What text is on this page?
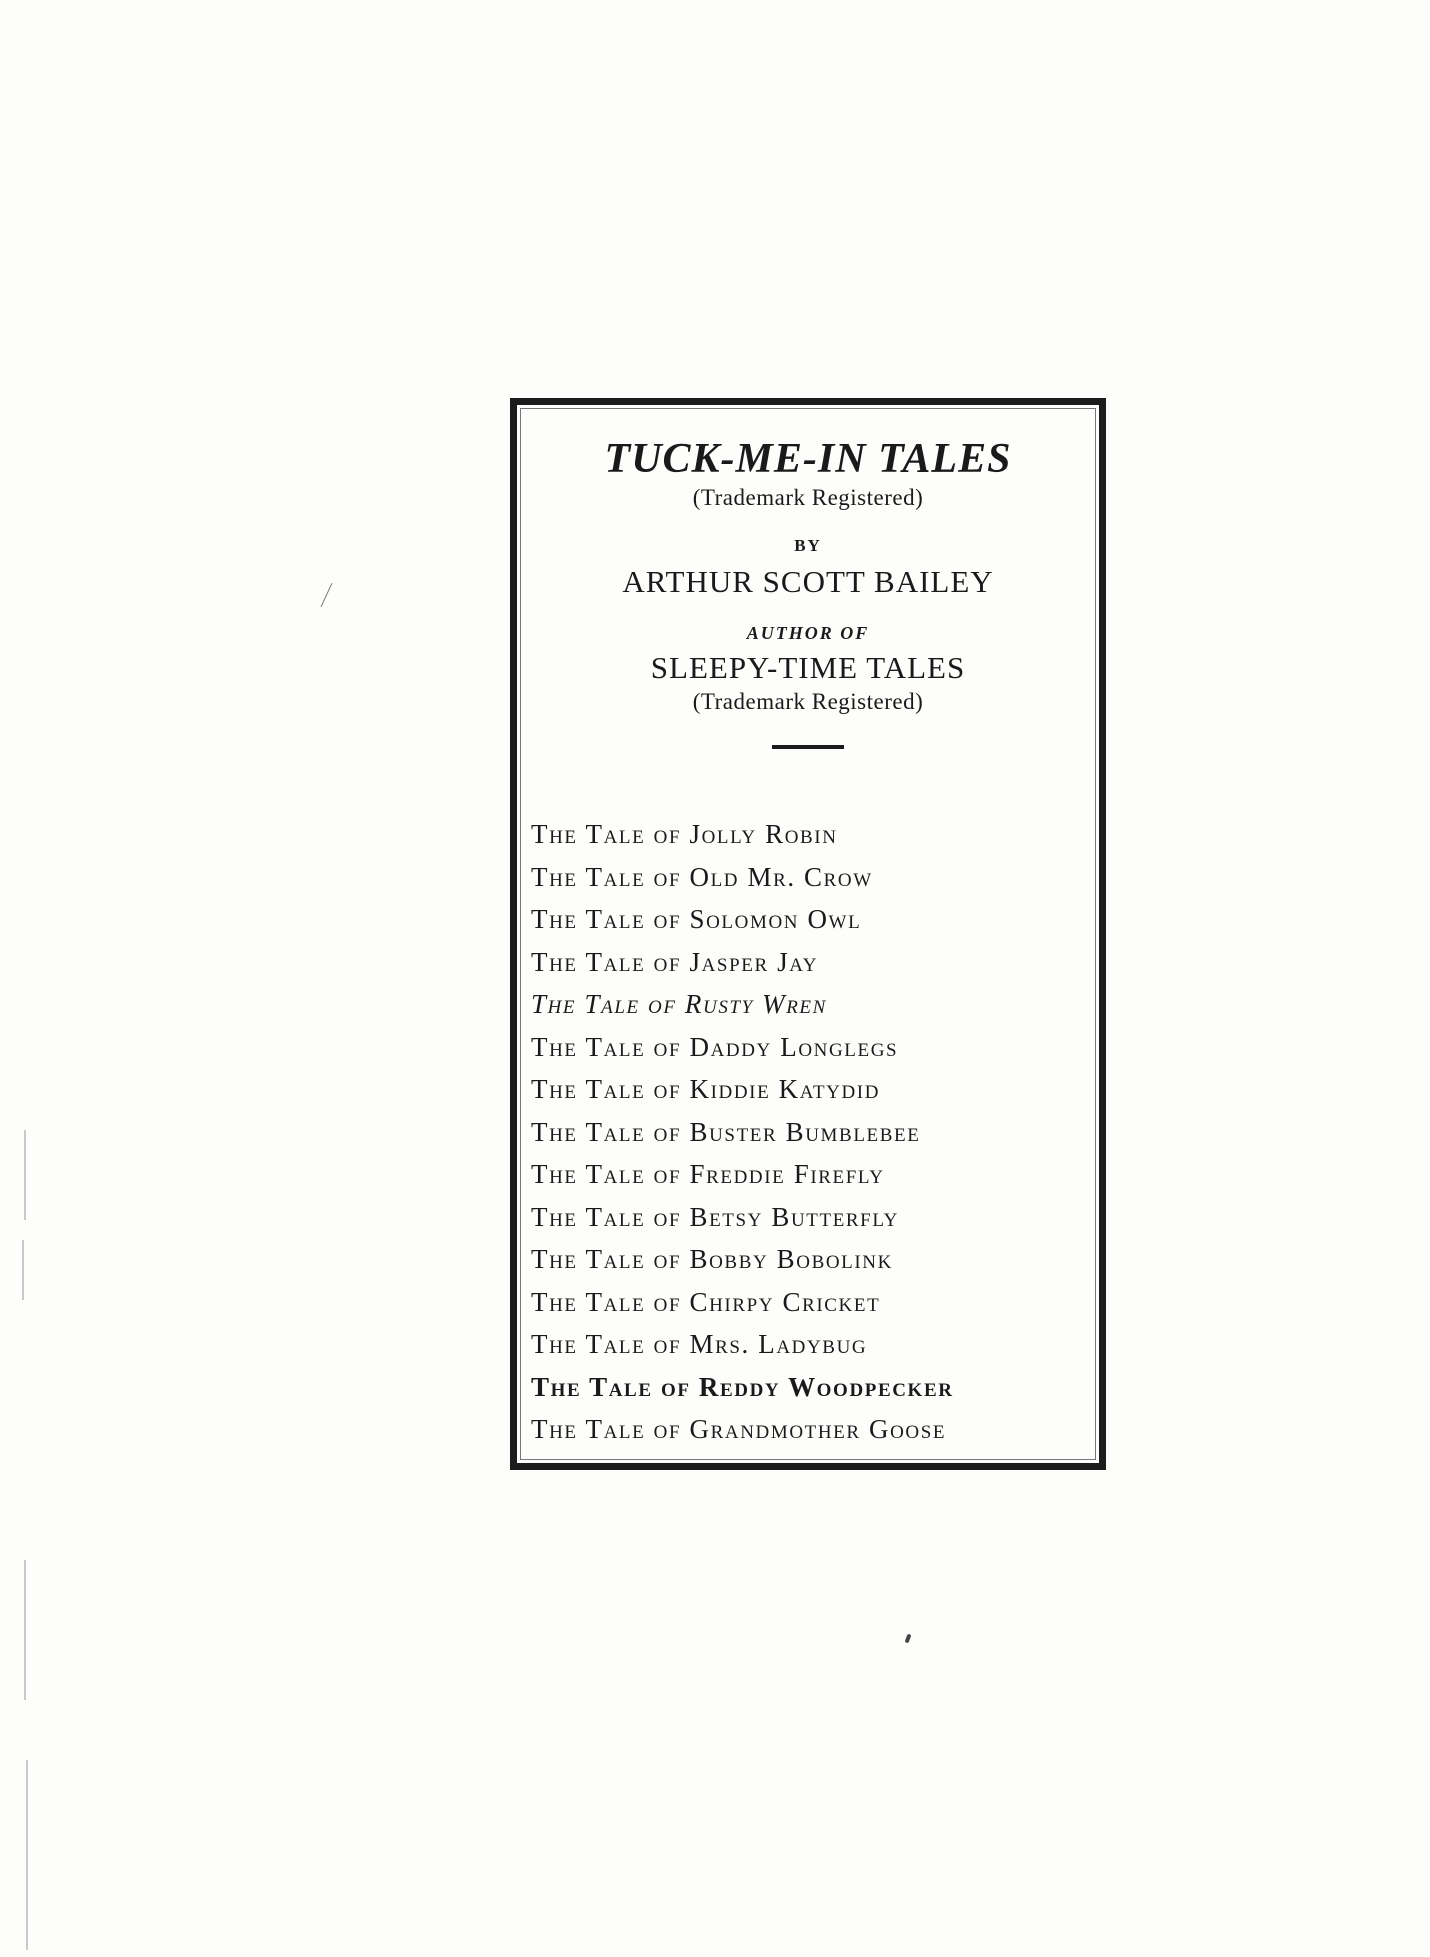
TUCK-ME-IN TALES

(Trademark Registered)

BY

ARTHUR SCOTT BAILEY

AUTHOR OF

SLEEPY-TIME TALES

(Trademark Registered)

The Tale of Jolly Robin
The Tale of Old Mr. Crow
The Tale of Solomon Owl
The Tale of Jasper Jay
The Tale of Rusty Wren
The Tale of Daddy Longlegs
The Tale of Kiddie Katydid
The Tale of Buster Bumblebee
The Tale of Freddie Firefly
The Tale of Betsy Butterfly
The Tale of Bobby Bobolink
The Tale of Chirpy Cricket
The Tale of Mrs. Ladybug
The Tale of Reddy Woodpecker
The Tale of Grandmother Goose
